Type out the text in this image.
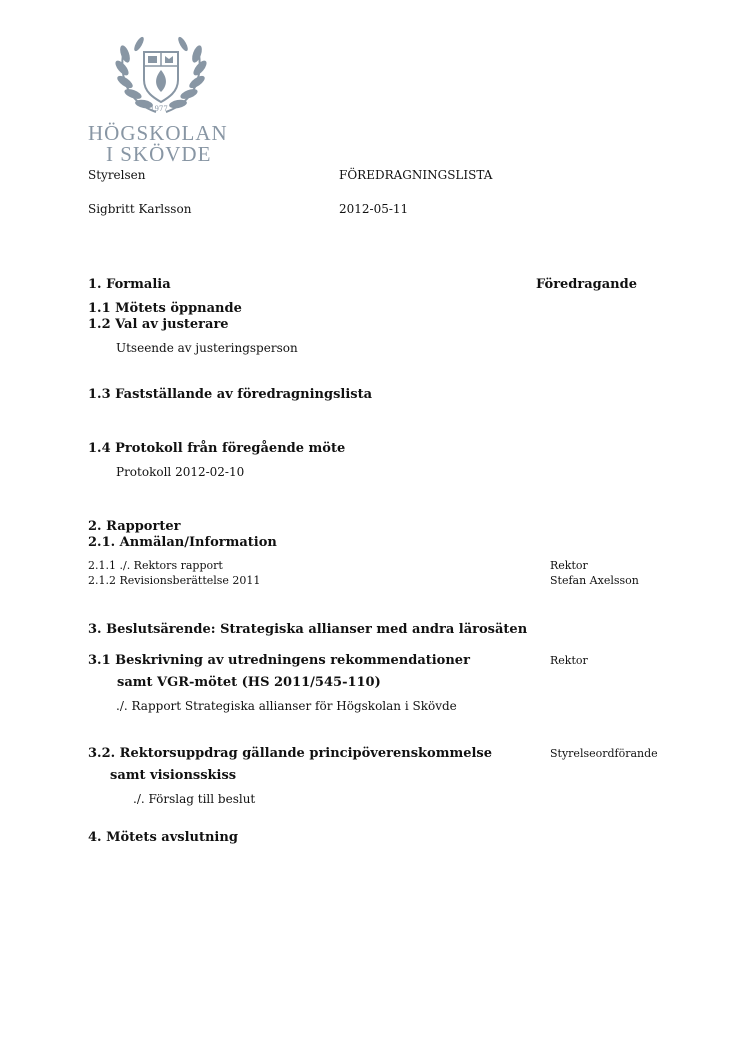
1977
HÖGSKOLAN
I SKÖVDE
Styrelsen	FÖREDRAGNINGSLISTA
Sigbritt Karlsson	2012-05-11
1. Formalia	Föredragande
1.1 Mötets öppnande
1.2 Val av justerare
Utseende av justeringsperson
1.3 Fastställande av föredragningslista
1.4 Protokoll från föregående möte
Protokoll 2012-02-10
2. Rapporter
2.1. Anmälan/Information
2.1.1 ./. Rektors rapport	Rektor
2.1.2 Revisionsberättelse 2011	Stefan Axelsson
3. Beslutsärende: Strategiska allianser med andra lärosäten
3.1 Beskrivning av utredningens rekommendationer	Rektor
samt VGR-mötet (HS 2011/545-110)
./. Rapport Strategiska allianser för Högskolan i Skövde
3.2. Rektorsuppdrag gällande principöverenskommelse	Styrelseordförande
samt visionsskiss
./. Förslag till beslut
4. Mötets avslutning
